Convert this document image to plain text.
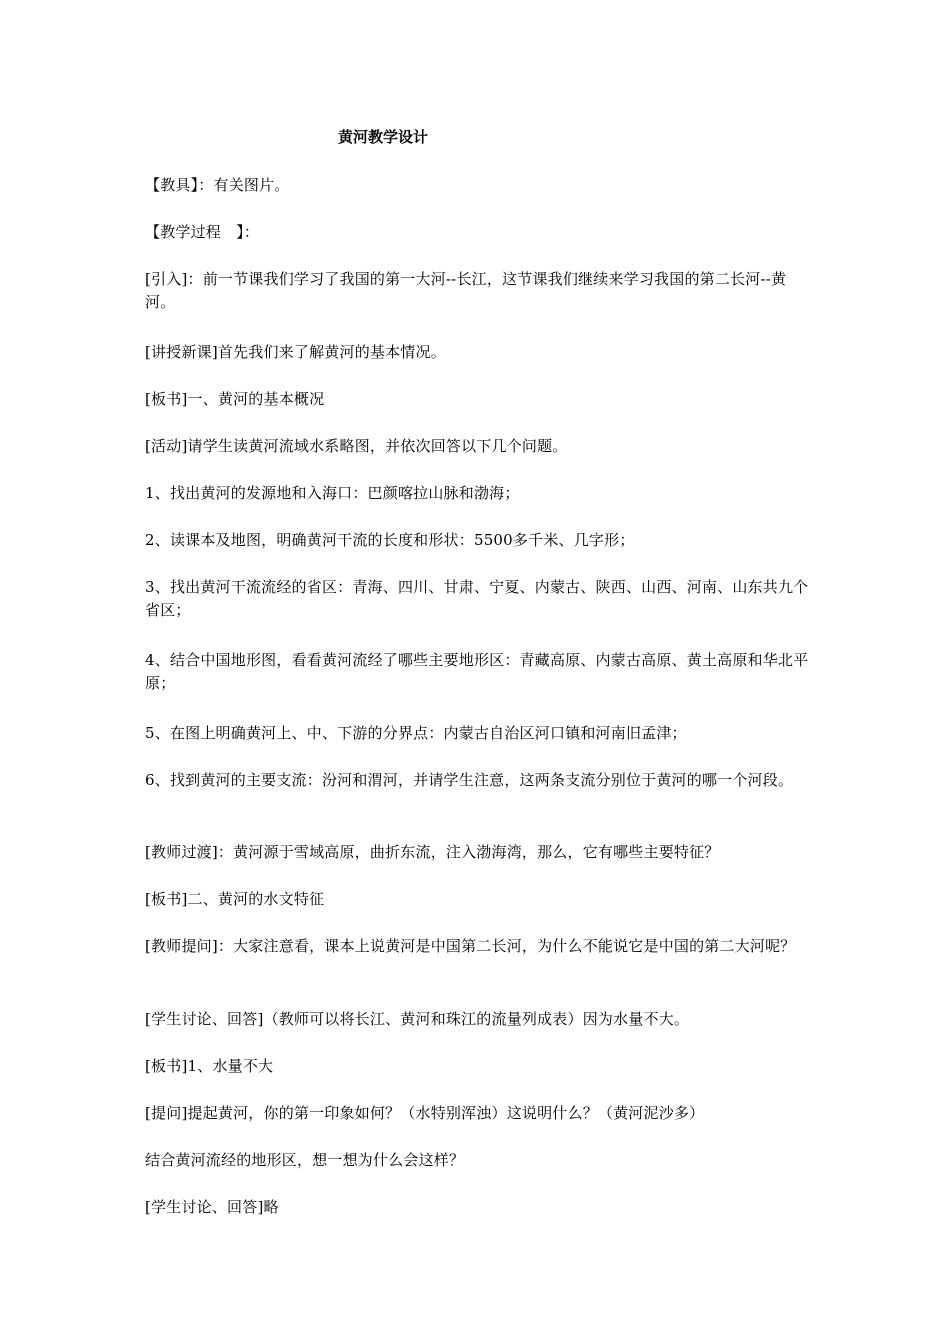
黄河教学设计
【教具】：有关图片。
【教学过程　】：
[引入]：前一节课我们学习了我国的第一大河--长江，这节课我们继续来学习我国的第二长河--黄河。
[讲授新课]首先我们来了解黄河的基本情况。
[板书]一、黄河的基本概况
[活动]请学生读黄河流域水系略图，并依次回答以下几个问题。
1、找出黄河的发源地和入海口：巴颜喀拉山脉和渤海；
2、读课本及地图，明确黄河干流的长度和形状：5500多千米、几字形；
3、找出黄河干流流经的省区：青海、四川、甘肃、宁夏、内蒙古、陕西、山西、河南、山东共九个省区；
4、结合中国地形图，看看黄河流经了哪些主要地形区：青藏高原、内蒙古高原、黄土高原和华北平原；
5、在图上明确黄河上、中、下游的分界点：内蒙古自治区河口镇和河南旧孟津；
6、找到黄河的主要支流：汾河和渭河，并请学生注意，这两条支流分别位于黄河的哪一个河段。
[教师过渡]：黄河源于雪域高原，曲折东流，注入渤海湾，那么，它有哪些主要特征？
[板书]二、黄河的水文特征
[教师提问]：大家注意看，课本上说黄河是中国第二长河，为什么不能说它是中国的第二大河呢？
[学生讨论、回答]（教师可以将长江、黄河和珠江的流量列成表）因为水量不大。
[板书]1、水量不大
[提问]提起黄河，你的第一印象如何？（水特别浑浊）这说明什么？（黄河泥沙多）
结合黄河流经的地形区，想一想为什么会这样？
[学生讨论、回答]略
